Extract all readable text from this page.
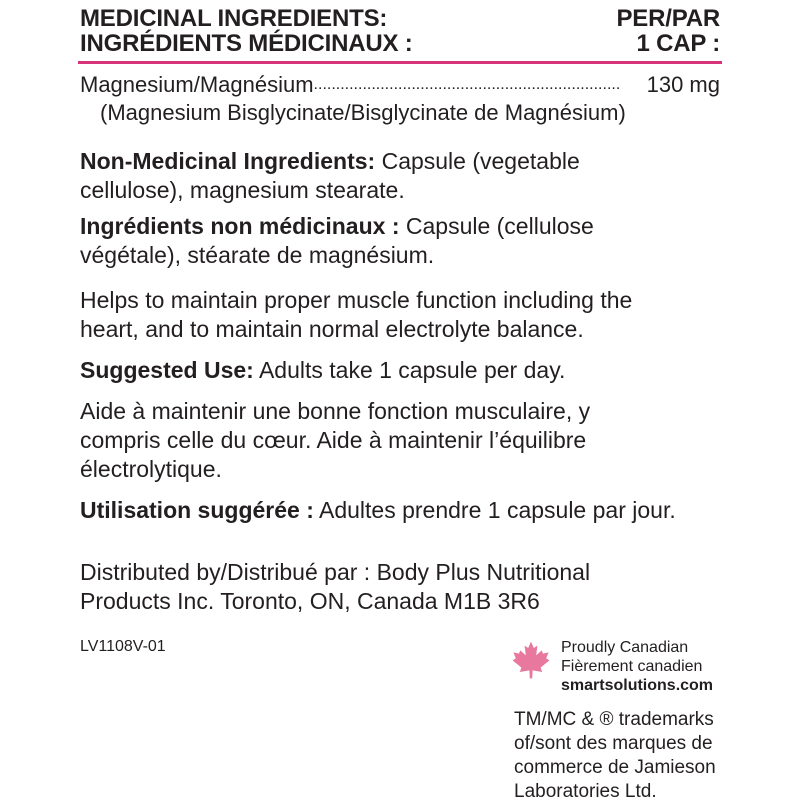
MEDICINAL INGREDIENTS:
INGRÉDIENTS MÉDICINAUX :
PER/PAR
1 CAP :
Magnesium/Magnésium .....................................................................	130 mg
(Magnesium Bisglycinate/Bisglycinate de Magnésium)
Non-Medicinal Ingredients: Capsule (vegetable
cellulose), magnesium stearate.
Ingrédients non médicinaux : Capsule (cellulose
végétale), stéarate de magnésium.
Helps to maintain proper muscle function including the
heart, and to maintain normal electrolyte balance.
Suggested Use: Adults take 1 capsule per day.
Aide à maintenir une bonne fonction musculaire, y
compris celle du cœur. Aide à maintenir l’équilibre
électrolytique.
Utilisation suggérée : Adultes prendre 1 capsule par jour.
Distributed by/Distribué par : Body Plus Nutritional
Products Inc. Toronto, ON, Canada M1B 3R6
LV1108V-01	Proudly Canadian
Fièrement canadien
smartsolutions.com
TM/MC & ® trademarks
of/sont des marques de
commerce de Jamieson
Laboratories Ltd.
